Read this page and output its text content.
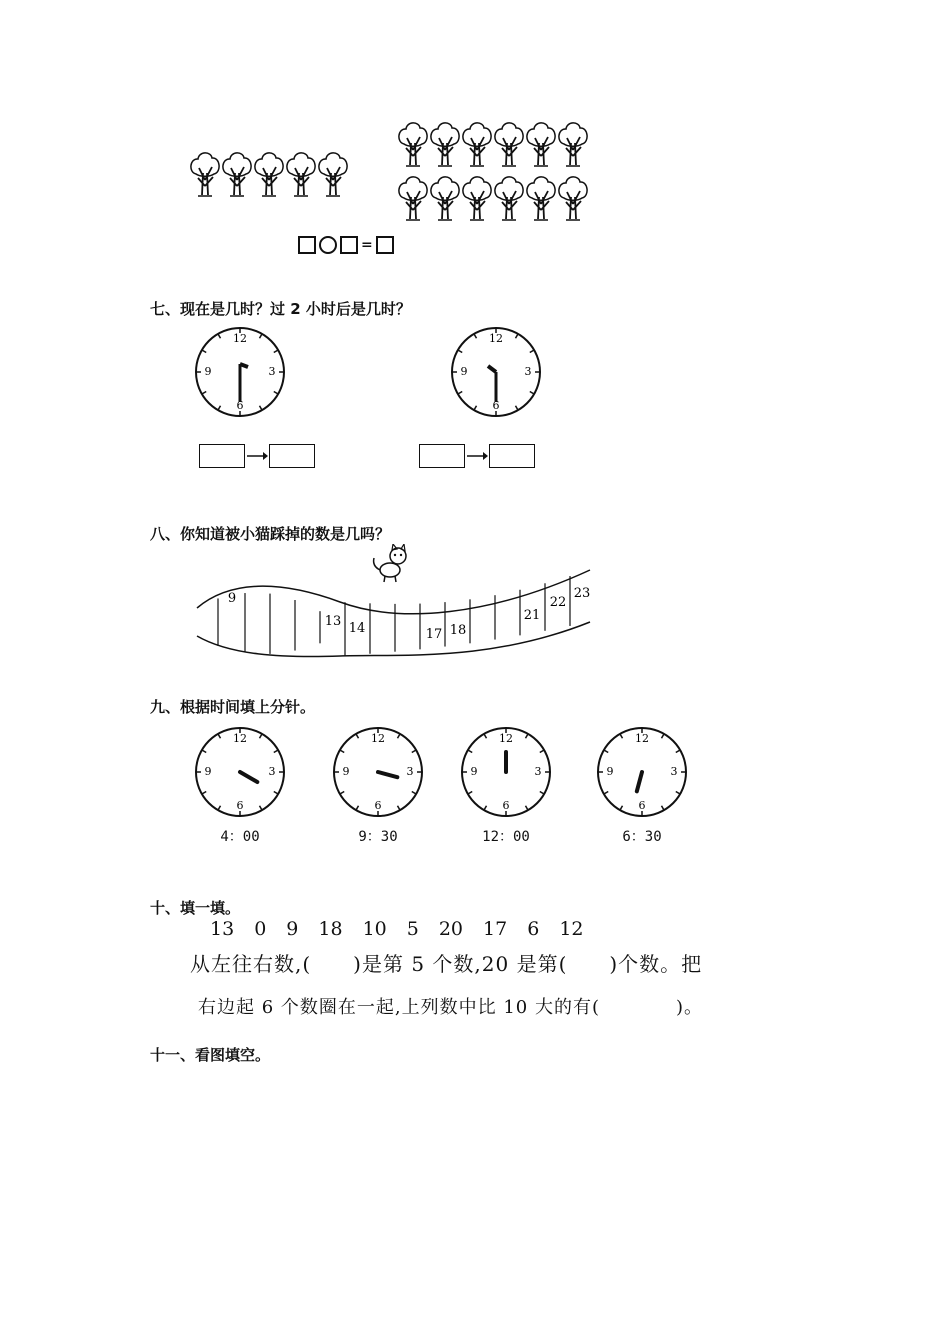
=
七、现在是几时？过 2 小时后是几时？
12
3
6
9
12
3
6
9
八、你知道被小猫踩掉的数是几吗？
9
13 14	17 18
21
22
23
九、根据时间填上分针。
12
3
6
9
4：00
12
3
6
9
9：30
12
3
6
9
12：00
12
3
6
9
6：30
十、填一填。
13 0 9 18 10 5 20 17 6 12
从左往右数,(　　)是第 5 个数,20 是第(　　)个数。把
右边起 6 个数圈在一起,上列数中比 10 大的有(　　　　)。
十一、看图填空。
